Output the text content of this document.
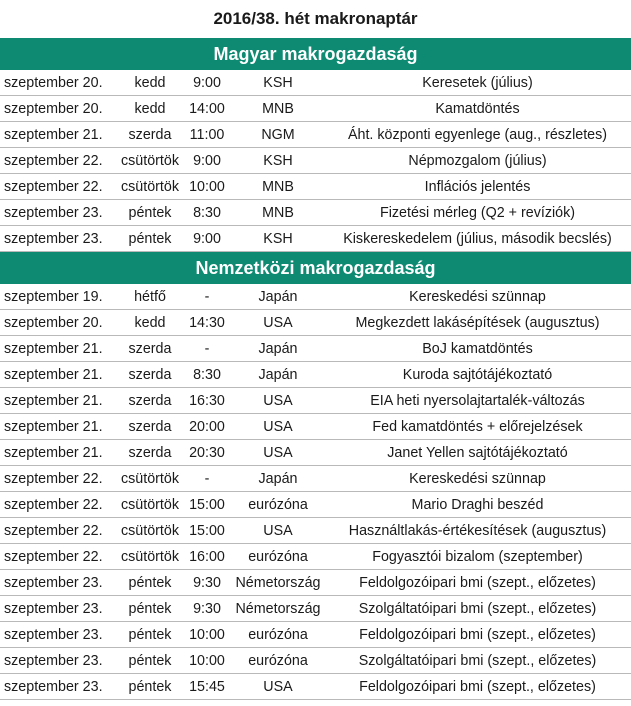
2016/38. hét makronaptár
Magyar makrogazdaság
szeptember 20.	kedd	9:00	KSH	Keresetek (július)
szeptember 20.	kedd	14:00	MNB	Kamatdöntés
szeptember 21.	szerda	11:00	NGM	Áht. központi egyenlege (aug., részletes)
szeptember 22.	csütörtök	9:00	KSH	Népmozgalom (július)
szeptember 22.	csütörtök	10:00	MNB	Inflációs jelentés
szeptember 23.	péntek	8:30	MNB	Fizetési mérleg (Q2 + revíziók)
szeptember 23.	péntek	9:00	KSH	Kiskereskedelem (július, második becslés)
Nemzetközi makrogazdaság
szeptember 19.	hétfő	-	Japán	Kereskedési szünnap
szeptember 20.	kedd	14:30	USA	Megkezdett lakásépítések (augusztus)
szeptember 21.	szerda	-	Japán	BoJ kamatdöntés
szeptember 21.	szerda	8:30	Japán	Kuroda sajtótájékoztató
szeptember 21.	szerda	16:30	USA	EIA heti nyersolajtartalék-változás
szeptember 21.	szerda	20:00	USA	Fed kamatdöntés + előrejelzések
szeptember 21.	szerda	20:30	USA	Janet Yellen sajtótájékoztató
szeptember 22.	csütörtök	-	Japán	Kereskedési szünnap
szeptember 22.	csütörtök	15:00	eurózóna	Mario Draghi beszéd
szeptember 22.	csütörtök	15:00	USA	Használtlakás-értékesítések (augusztus)
szeptember 22.	csütörtök	16:00	eurózóna	Fogyasztói bizalom (szeptember)
szeptember 23.	péntek	9:30	Németország	Feldolgozóipari bmi (szept., előzetes)
szeptember 23.	péntek	9:30	Németország	Szolgáltatóipari bmi (szept., előzetes)
szeptember 23.	péntek	10:00	eurózóna	Feldolgozóipari bmi (szept., előzetes)
szeptember 23.	péntek	10:00	eurózóna	Szolgáltatóipari bmi (szept., előzetes)
szeptember 23.	péntek	15:45	USA	Feldolgozóipari bmi (szept., előzetes)
